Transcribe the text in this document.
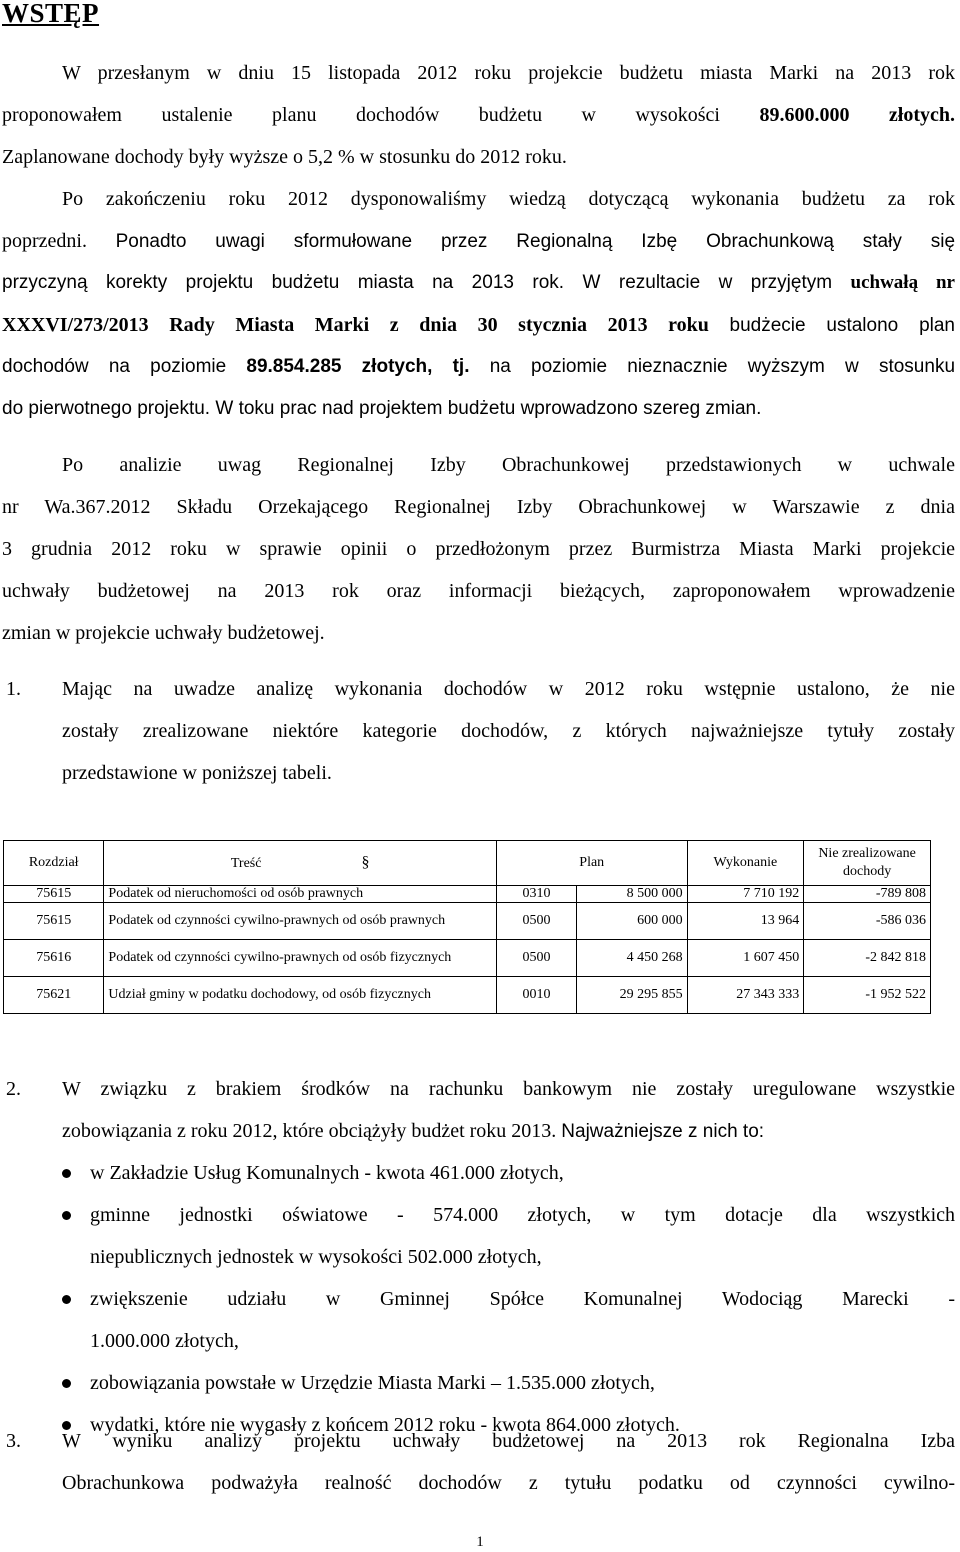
WSTĘP
W przesłanym w dniu 15 listopada 2012 roku projekcie budżetu miasta Marki na 2013 rok
proponowałem ustalenie planu dochodów budżetu w wysokości 89.600.000 złotych.
Zaplanowane dochody były wyższe o 5,2 % w stosunku do 2012 roku.
Po zakończeniu roku 2012 dysponowaliśmy wiedzą dotyczącą wykonania budżetu za rok
poprzedni. Ponadto uwagi sformułowane przez Regionalną Izbę Obrachunkową stały się
przyczyną korekty projektu budżetu miasta na 2013 rok. W rezultacie w przyjętym uchwałą nr
XXXVI/273/2013 Rady Miasta Marki z dnia 30 stycznia 2013 roku budżecie ustalono plan
dochodów na poziomie 89.854.285 złotych, tj. na poziomie nieznacznie wyższym w stosunku
do pierwotnego projektu. W toku prac nad projektem budżetu wprowadzono szereg zmian.
Po analizie uwag Regionalnej Izby Obrachunkowej przedstawionych w uchwale
nr Wa.367.2012 Składu Orzekającego Regionalnej Izby Obrachunkowej w Warszawie z dnia
3 grudnia 2012 roku w sprawie opinii o przedłożonym przez Burmistrza Miasta Marki projekcie
uchwały budżetowej na 2013 rok oraz informacji bieżących, zaproponowałem wprowadzenie
zmian w projekcie uchwały budżetowej.
1. Mając na uwadze analizę wykonania dochodów w 2012 roku wstępnie ustalono, że nie
zostały zrealizowane niektóre kategorie dochodów, z których najważniejsze tytuły zostały
przedstawione w poniższej tabeli.
Rozdział	Treść §	Plan		Wykonanie	Nie zrealizowane dochody

75615	Podatek od nieruchomości od osób prawnych	0310	8 500 000	7 710 192	-789 808
75615	Podatek od czynności cywilno-prawnych od osób prawnych	0500	600 000	13 964	-586 036
75616	Podatek od czynności cywilno-prawnych od osób fizycznych	0500	4 450 268	1 607 450	-2 842 818
75621	Udział gminy w podatku dochodowy, od osób fizycznych	0010	29 295 855	27 343 333	-1 952 522
2. W związku z brakiem środków na rachunku bankowym nie zostały uregulowane wszystkie
zobowiązania z roku 2012, które obciążyły budżet roku 2013. Najważniejsze z nich to:
w Zakładzie Usług Komunalnych - kwota 461.000 złotych,
gminne jednostki oświatowe - 574.000 złotych, w tym dotacje dla wszystkich
niepublicznych jednostek w wysokości 502.000 złotych,
zwiększenie udziału w Gminnej Spółce Komunalnej Wodociąg Marecki -
1.000.000 złotych,
zobowiązania powstałe w Urzędzie Miasta Marki – 1.535.000 złotych,
wydatki, które nie wygasły z końcem 2012 roku - kwota 864.000 złotych.
3. W wyniku analizy projektu uchwały budżetowej na 2013 rok Regionalna Izba
Obrachunkowa podważyła realność dochodów z tytułu podatku od czynności cywilno-
1
